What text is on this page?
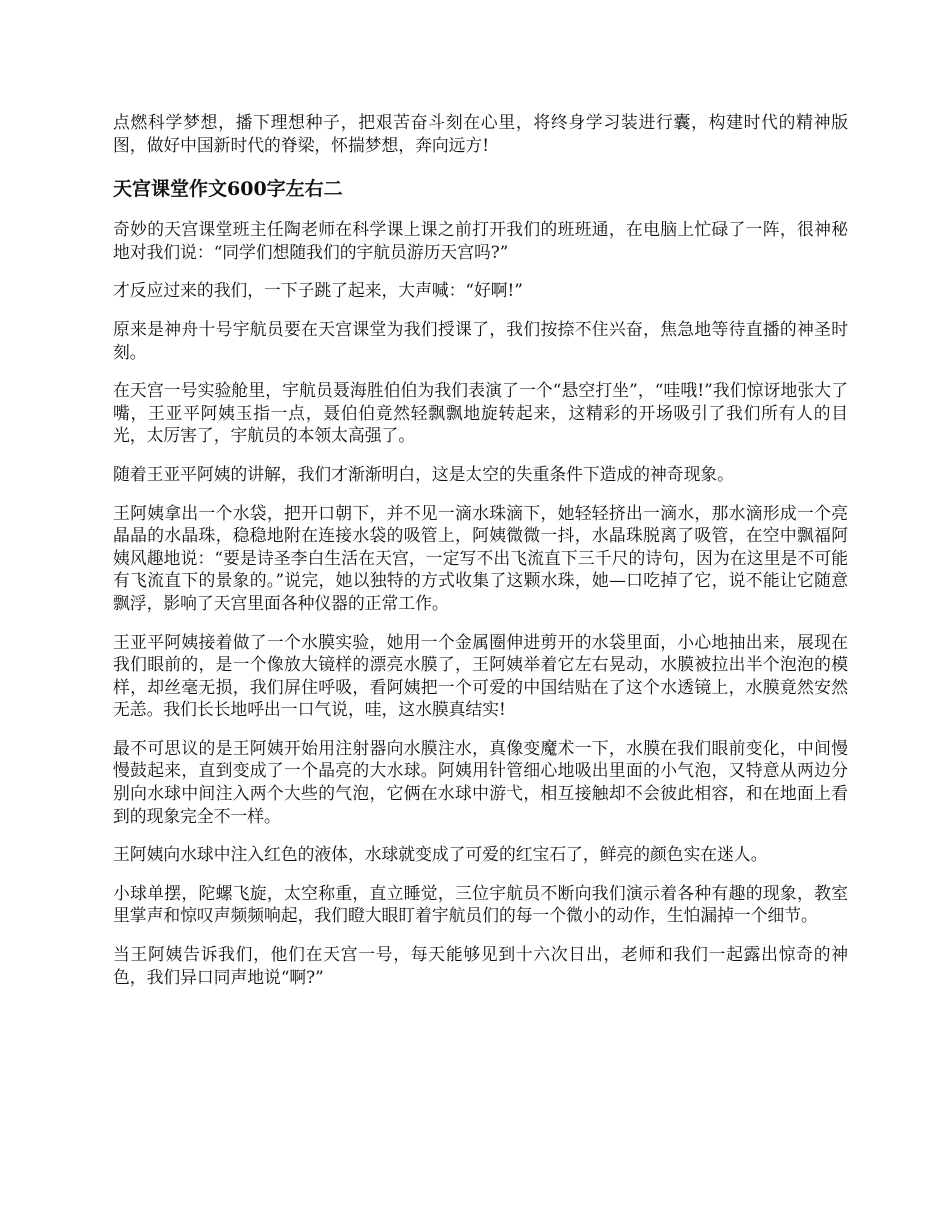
点燃科学梦想，播下理想种子，把艰苦奋斗刻在心里，将终身学习装进行囊，构建时代的精神版图，做好中国新时代的脊梁，怀揣梦想，奔向远方!

天宫课堂作文600字左右二

奇妙的天宫课堂班主任陶老师在科学课上课之前打开我们的班班通，在电脑上忙碌了一阵，很神秘地对我们说：“同学们想随我们的宇航员游历天宫吗?”

才反应过来的我们，一下子跳了起来，大声喊：“好啊!”

原来是神舟十号宇航员要在天宫课堂为我们授课了，我们按捺不住兴奋，焦急地等待直播的神圣时刻。

在天宫一号实验舱里，宇航员聂海胜伯伯为我们表演了一个“悬空打坐”，“哇哦!”我们惊讶地张大了嘴，王亚平阿姨玉指一点，聂伯伯竟然轻飘飘地旋转起来，这精彩的开场吸引了我们所有人的目光，太厉害了，宇航员的本领太高强了。

随着王亚平阿姨的讲解，我们才渐渐明白，这是太空的失重条件下造成的神奇现象。

王阿姨拿出一个水袋，把开口朝下，并不见一滴水珠滴下，她轻轻挤出一滴水，那水滴形成一个亮晶晶的水晶珠，稳稳地附在连接水袋的吸管上，阿姨微微一抖，水晶珠脱离了吸管，在空中飘福阿姨风趣地说：“要是诗圣李白生活在天宫，一定写不出飞流直下三千尺的诗句，因为在这里是不可能有飞流直下的景象的。”说完，她以独特的方式收集了这颗水珠，她—口吃掉了它，说不能让它随意飘浮，影响了天宫里面各种仪器的正常工作。

王亚平阿姨接着做了一个水膜实验，她用一个金属圈伸进剪开的水袋里面，小心地抽出来，展现在我们眼前的，是一个像放大镜样的漂亮水膜了，王阿姨举着它左右晃动，水膜被拉出半个泡泡的模样，却丝毫无损，我们屏住呼吸，看阿姨把一个可爱的中国结贴在了这个水透镜上，水膜竟然安然无恙。我们长长地呼出一口气说，哇，这水膜真结实!

最不可思议的是王阿姨开始用注射器向水膜注水，真像变魔术一下，水膜在我们眼前变化，中间慢慢鼓起来，直到变成了一个晶亮的大水球。阿姨用针管细心地吸出里面的小气泡，又特意从两边分别向水球中间注入两个大些的气泡，它俩在水球中游弋，相互接触却不会彼此相容，和在地面上看到的现象完全不一样。

王阿姨向水球中注入红色的液体，水球就变成了可爱的红宝石了，鲜亮的颜色实在迷人。

小球单摆，陀螺飞旋，太空称重，直立睡觉，三位宇航员不断向我们演示着各种有趣的现象，教室里掌声和惊叹声频频响起，我们瞪大眼盯着宇航员们的每一个微小的动作，生怕漏掉一个细节。

当王阿姨告诉我们，他们在天宫一号，每天能够见到十六次日出，老师和我们一起露出惊奇的神色，我们异口同声地说“啊?”
